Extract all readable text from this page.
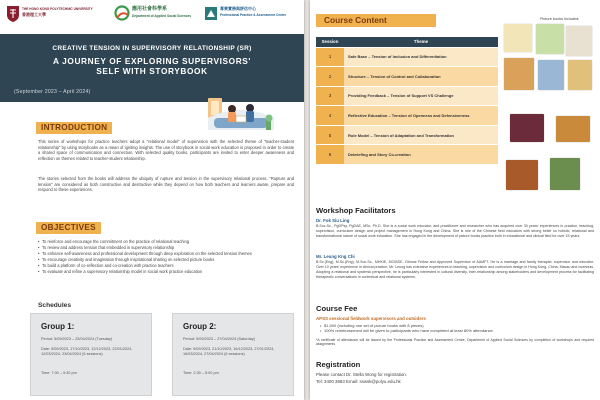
THE HONG KONG POLYTECHNIC UNIVERSITY
香港理工大學
應用社會科學系
Department of Applied Social Sciences
專業實務與評估中心
Professional Practice & Assessment Centre
CREATIVE TENSION IN SUPERVISORY RELATIONSHIP (SR)
A JOURNEY OF EXPLORING SUPERVISORS'
SELF WITH STORYBOOK
(September 2023 – April 2024)
INTRODUCTION
This series of workshops for practice teachers adopt a "relational model" of supervision with the selected theme of "teacher-student relationship" by using storybooks as a mean of igniting insights. The use of storybook in social work education is proposed in order to create a shared space of communication and connection. With selected quality books, participants are invited to enter deeper awareness and reflection on themes related to teacher-student relationship.
The stories selected from the books will address the ubiquity of rupture and tension in the supervisory relational process. "Rupture and tension" are considered as both constructive and destructive while they depend on how both teachers and learners aware, prepare and respond to these experiences.
OBJECTIVES
• To reinforce and encourage the commitment on the practice of relational teaching
• To review and address tension that embedded in supervisory relationship
• To enhance self-awareness and professional development through deep exploration on the selected tension themes
• To encourage creativity and imagination through inspirational sharing on selected picture books
• To build a platform of co-reflection and co-creation with practice teachers
• To evaluate and refine a supervisory relationship model in social work practice education
Schedules
Group 1:
Period: 5/09/2023 – 23/04/2024 (Tuesday)
Date: 5/09/2023, 17/10/2023, 12/12/2023, 22/01/2024, 12/03/2024, 23/04/2024 (6 sessions)
Time: 7:00 – 9:30 pm
Group 2:
Period: 9/09/2023 – 27/04/2024 (Saturday)
Date: 9/09/2023, 21/10/2023, 16/12/2023, 27/01/2024, 16/03/2024, 27/04/2024 (6 sessions)
Time: 2:30 – 5:00 pm
Course Content	Picture books included:
Session	Theme
1	Safe Base – Tension of Inclusion and Differentiation
2	Structure – Tension of Control and Collaboration
3	Providing Feedback – Tension of Support VS Challenge
4	Reflective Education – Tension of Openness and Defensiveness
5	Role Model – Tension of Adaptation and Transformation
6	Debriefing and Story Co-creation
Workshop Facilitators
Dr. Fok Siu Ling
B.Soc.Sc., PgDPsy, PgDAE, MSc, Ph.D. She is a social work educator, and practitioner and researcher who has acquired over 30 years' experiences in practice, teaching, supervision, curriculum design and project management in Hong Kong and China. She is one of the Chinese field educators with strong belief on holistic, relational and transformational nature of social work education. She has engaged in the development of picture books practice both in educational and clinical field for over 15 years.
Mr. Leung Kng Chi
B.Sc.(Eng), M.Sc.(Eng), M.Soc.Sc., MHKIE, MCIBSE, Clinical Fellow and Approved Supervisor of AAMFT. He is a marriage and family therapist, supervisor and educator. Over 10 years' experience in clinical practice, Mr. Leung has extensive experiences in teaching, supervision and curriculum design in Hong Kong, China, Macau and overseas. Adopting a relational and systemic perspective, he is particularly interested in cultural diversity, inter-relationship among stakeholders and development process for facilitating therapeutic conversations in contextual and relational systems.
Course Fee
APSS sessional fieldwork supervisors and outsiders
• $1,500 (including one set of picture books with 8 pieces)
• 100% reimbursement will be given to participants who have completed at least 80% attendance.
*A certificate of attendance will be issued by the Professional Practice and Assessment Centre, Department of Applied Social Sciences by completion of workshops and required assignments
Registration
Please contact Dr. Stella Wong for registration.
Tel: 3400 3683 Email: sswsk@polyu.edu.hk
